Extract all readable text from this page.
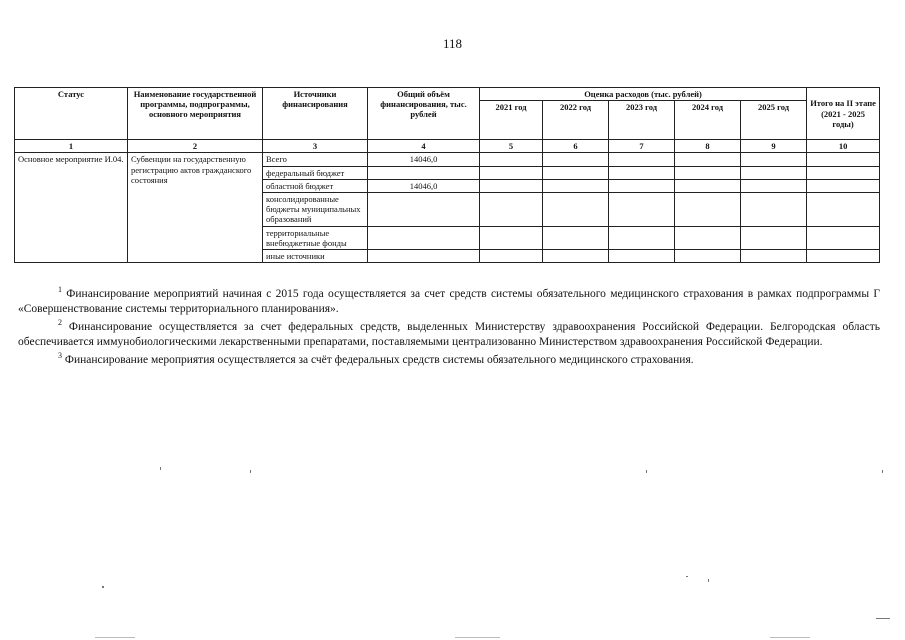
118
Статус	Наименование государственной программы, подпрограммы, основного мероприятия	Источники финансирования	Общий объём финансирования, тыс. рублей	Оценка расходов (тыс. рублей)					Итого на II этапе (2021 - 2025 годы)
				2021 год	2022 год	2023 год	2024 год	2025 год	
1	2	3	4	5	6	7	8	9	10
Основное мероприятие И.04.	Субвенции на государственную регистрацию актов гражданского состояния	Всего	14046,0						
		федеральный бюджет							
		областной бюджет	14046,0						
		консолидированные бюджеты муниципальных образований							
		территориальные внебюджетные фонды							
		иные источники							

$^1$ Финансирование мероприятий начиная с 2015 года осуществляется за счет средств системы обязательного медицинского страхования в рамках подпрограммы Г «Совершенствование системы территориального планирования».

$^2$ Финансирование осуществляется за счет федеральных средств, выделенных Министерству здравоохранения Российской Федерации. Белгородская область обеспечивается иммунобиологическими лекарственными препаратами, поставляемыми централизованно Министерством здравоохранения Российской Федерации.

$^3$ Финансирование мероприятия осуществляется за счёт федеральных средств системы обязательного медицинского страхования.
